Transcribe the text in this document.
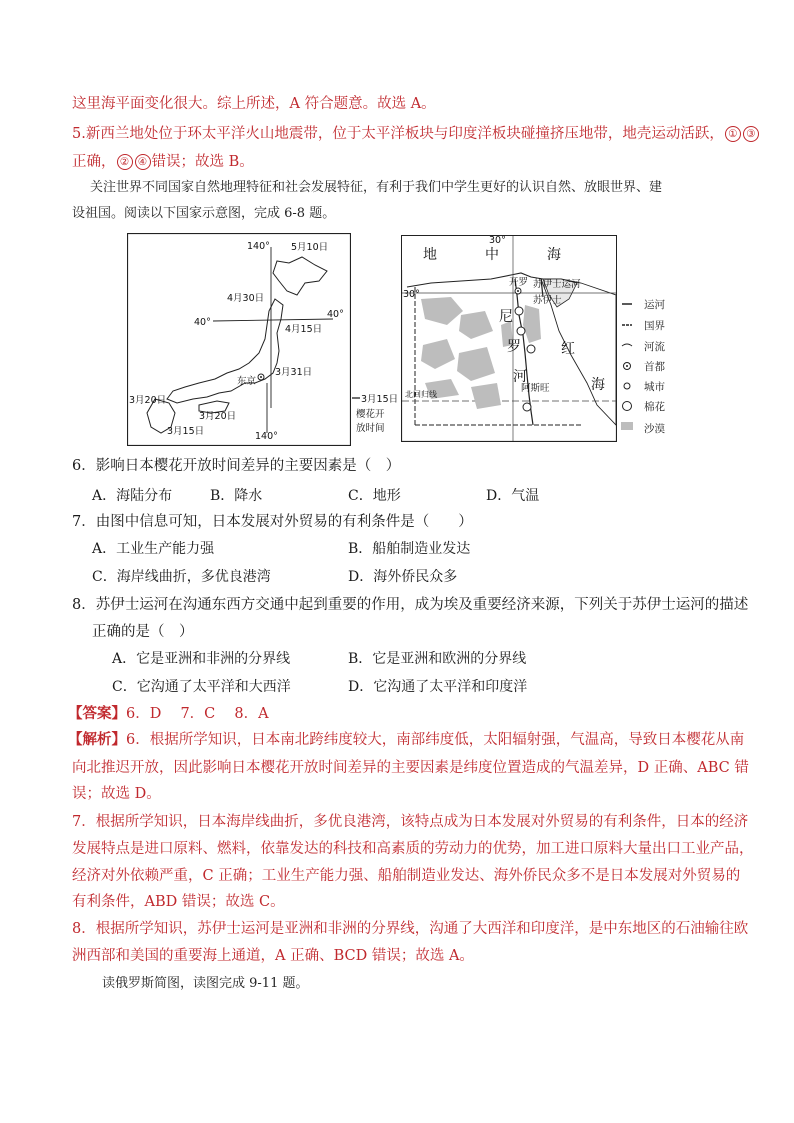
这里海平面变化很大。综上所述，A 符合题意。故选 A。
5.新西兰地处位于环太平洋火山地震带，位于太平洋板块与印度洋板块碰撞挤压地带，地壳运动活跃， ① ③
正确， ② ④ 错误；故选 B。
关注世界不同国家自然地理特征和社会发展特征，有利于我们中学生更好的认识自然、放眼世界、建
设祖国。阅读以下国家示意图，完成 6-8 题。
140° 5月10日
4月30日
40°
40°
4月15日
3月31日
东京
3月20日
3月20日
3月15日	140°
3月15日
樱花开
放时间
地	中	海
30°
30°
开罗 苏伊士运河
苏伊士
尼
罗
河
阿斯旺
红
海
北回归线
运河
国界
河流
首都
城市
棉花
沙漠
6．影响日本樱花开放时间差异的主要因素是（　）
A．海陆分布	B．降水	C．地形	D．气温
7．由图中信息可知，日本发展对外贸易的有利条件是（　　）
A．工业生产能力强	B．船舶制造业发达
C．海岸线曲折，多优良港湾	D．海外侨民众多
8．苏伊士运河在沟通东西方交通中起到重要的作用，成为埃及重要经济来源，下列关于苏伊士运河的描述
正确的是（　）
A．它是亚洲和非洲的分界线	B．它是亚洲和欧洲的分界线
C．它沟通了太平洋和大西洋	D．它沟通了太平洋和印度洋
【答案】6．D　 7．C　 8．A
【解析】6．根据所学知识，日本南北跨纬度较大，南部纬度低，太阳辐射强，气温高，导致日本樱花从南
向北推迟开放，因此影响日本樱花开放时间差异的主要因素是纬度位置造成的气温差异，D 正确、ABC 错
误；故选 D。
7．根据所学知识，日本海岸线曲折，多优良港湾，该特点成为日本发展对外贸易的有利条件，日本的经济
发展特点是进口原料、燃料，依靠发达的科技和高素质的劳动力的优势，加工进口原料大量出口工业产品，
经济对外依赖严重，C 正确；工业生产能力强、船舶制造业发达、海外侨民众多不是日本发展对外贸易的
有利条件，ABD 错误；故选 C。
8．根据所学知识，苏伊士运河是亚洲和非洲的分界线，沟通了大西洋和印度洋，是中东地区的石油输往欧
洲西部和美国的重要海上通道，A 正确、BCD 错误；故选 A。
读俄罗斯简图，读图完成 9-11 题。
